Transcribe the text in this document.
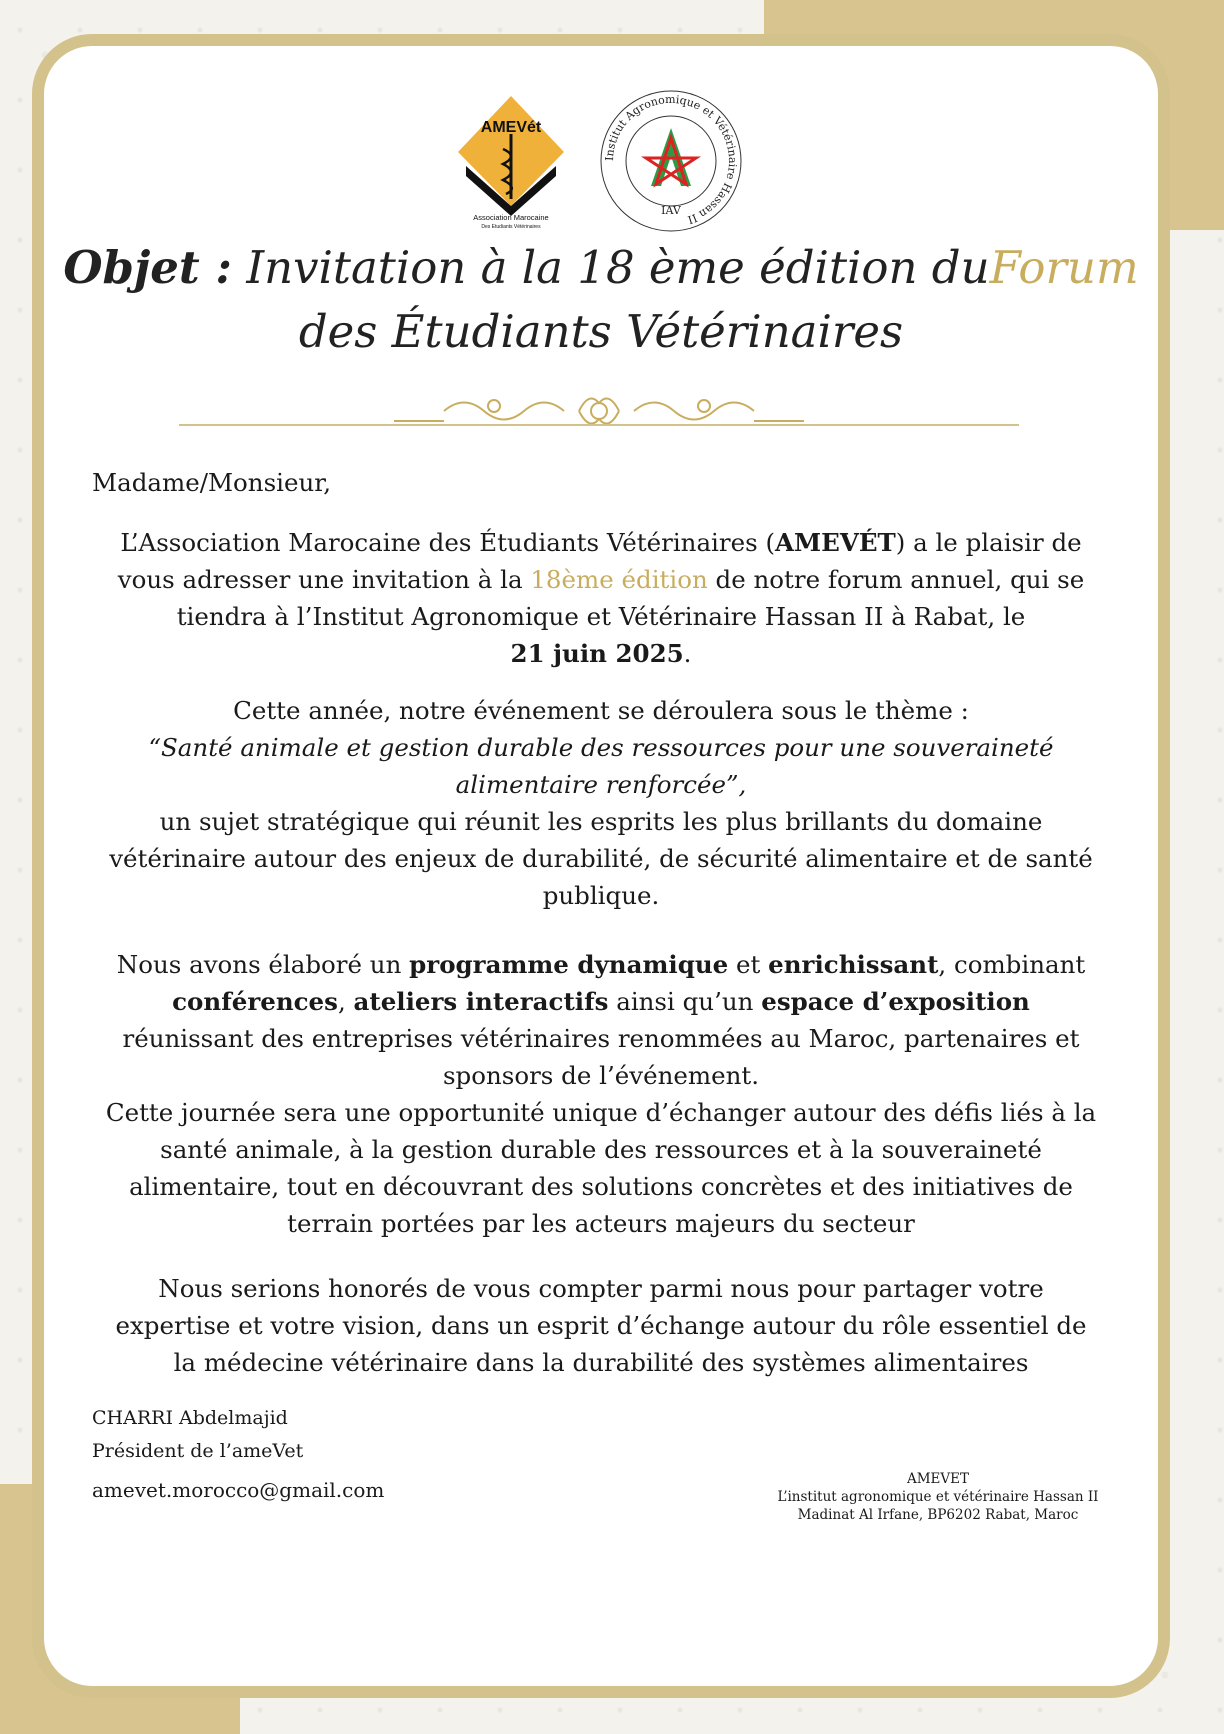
AMEVét
Association Marocaine
Des Etudiants Vétérinaires
Institut Agronomique et Vétérinaire Hassan II
IAV
Objet : Invitation à la 18 ème édition duForum
des Étudiants Vétérinaires
Madame/Monsieur,
L’Association Marocaine des Étudiants Vétérinaires (AMEVÉT) a le plaisir de vous adresser une invitation à la 18ème édition de notre forum annuel, qui se tiendra à l’Institut Agronomique et Vétérinaire Hassan II à Rabat, le
21 juin 2025.
Cette année, notre événement se déroulera sous le thème :
“Santé animale et gestion durable des ressources pour une souveraineté alimentaire renforcée”,
un sujet stratégique qui réunit les esprits les plus brillants du domaine vétérinaire autour des enjeux de durabilité, de sécurité alimentaire et de santé publique.
Nous avons élaboré un programme dynamique et enrichissant, combinant conférences, ateliers interactifs ainsi qu’un espace d’exposition réunissant des entreprises vétérinaires renommées au Maroc, partenaires et sponsors de l’événement.
Cette journée sera une opportunité unique d’échanger autour des défis liés à la santé animale, à la gestion durable des ressources et à la souveraineté alimentaire, tout en découvrant des solutions concrètes et des initiatives de terrain portées par les acteurs majeurs du secteur
Nous serions honorés de vous compter parmi nous pour partager votre expertise et votre vision, dans un esprit d’échange autour du rôle essentiel de la médecine vétérinaire dans la durabilité des systèmes alimentaires
CHARRI Abdelmajid
Président de l’ameVet
amevet.morocco@gmail.com	AMEVET
L’institut agronomique et vétérinaire Hassan II
Madinat Al Irfane, BP6202 Rabat, Maroc
